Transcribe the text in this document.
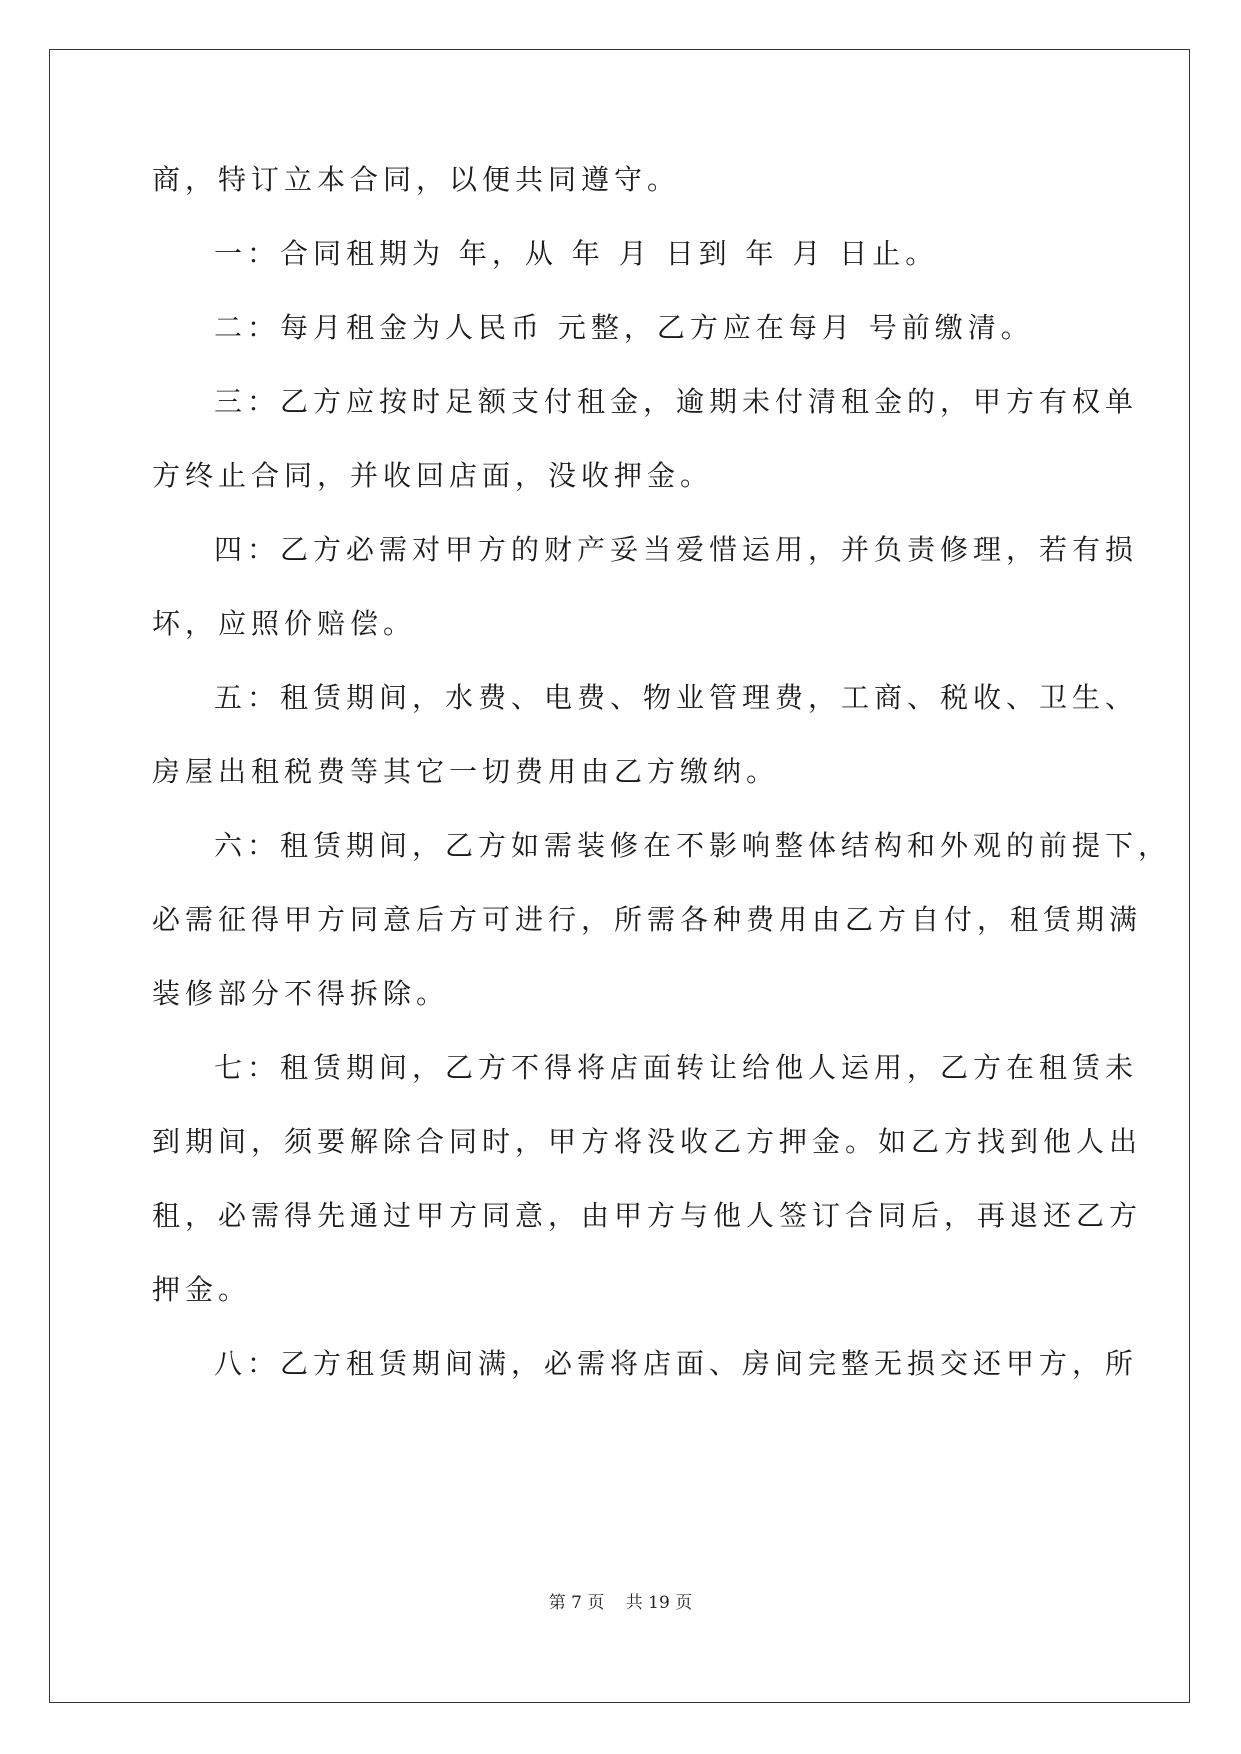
商，特订立本合同，以便共同遵守。
一：合同租期为 年，从 年 月 日到 年 月 日止。
二：每月租金为人民币 元整，乙方应在每月 号前缴清。
三：乙方应按时足额支付租金，逾期未付清租金的，甲方有权单
方终止合同，并收回店面，没收押金。
四：乙方必需对甲方的财产妥当爱惜运用，并负责修理，若有损
坏，应照价赔偿。
五：租赁期间，水费、电费、物业管理费，工商、税收、卫生、
房屋出租税费等其它一切费用由乙方缴纳。
六：租赁期间，乙方如需装修在不影响整体结构和外观的前提下，
必需征得甲方同意后方可进行，所需各种费用由乙方自付，租赁期满
装修部分不得拆除。
七：租赁期间，乙方不得将店面转让给他人运用，乙方在租赁未
到期间，须要解除合同时，甲方将没收乙方押金。如乙方找到他人出
租，必需得先通过甲方同意，由甲方与他人签订合同后，再退还乙方
押金。
八：乙方租赁期间满，必需将店面、房间完整无损交还甲方，所
第 7 页 共 19 页
